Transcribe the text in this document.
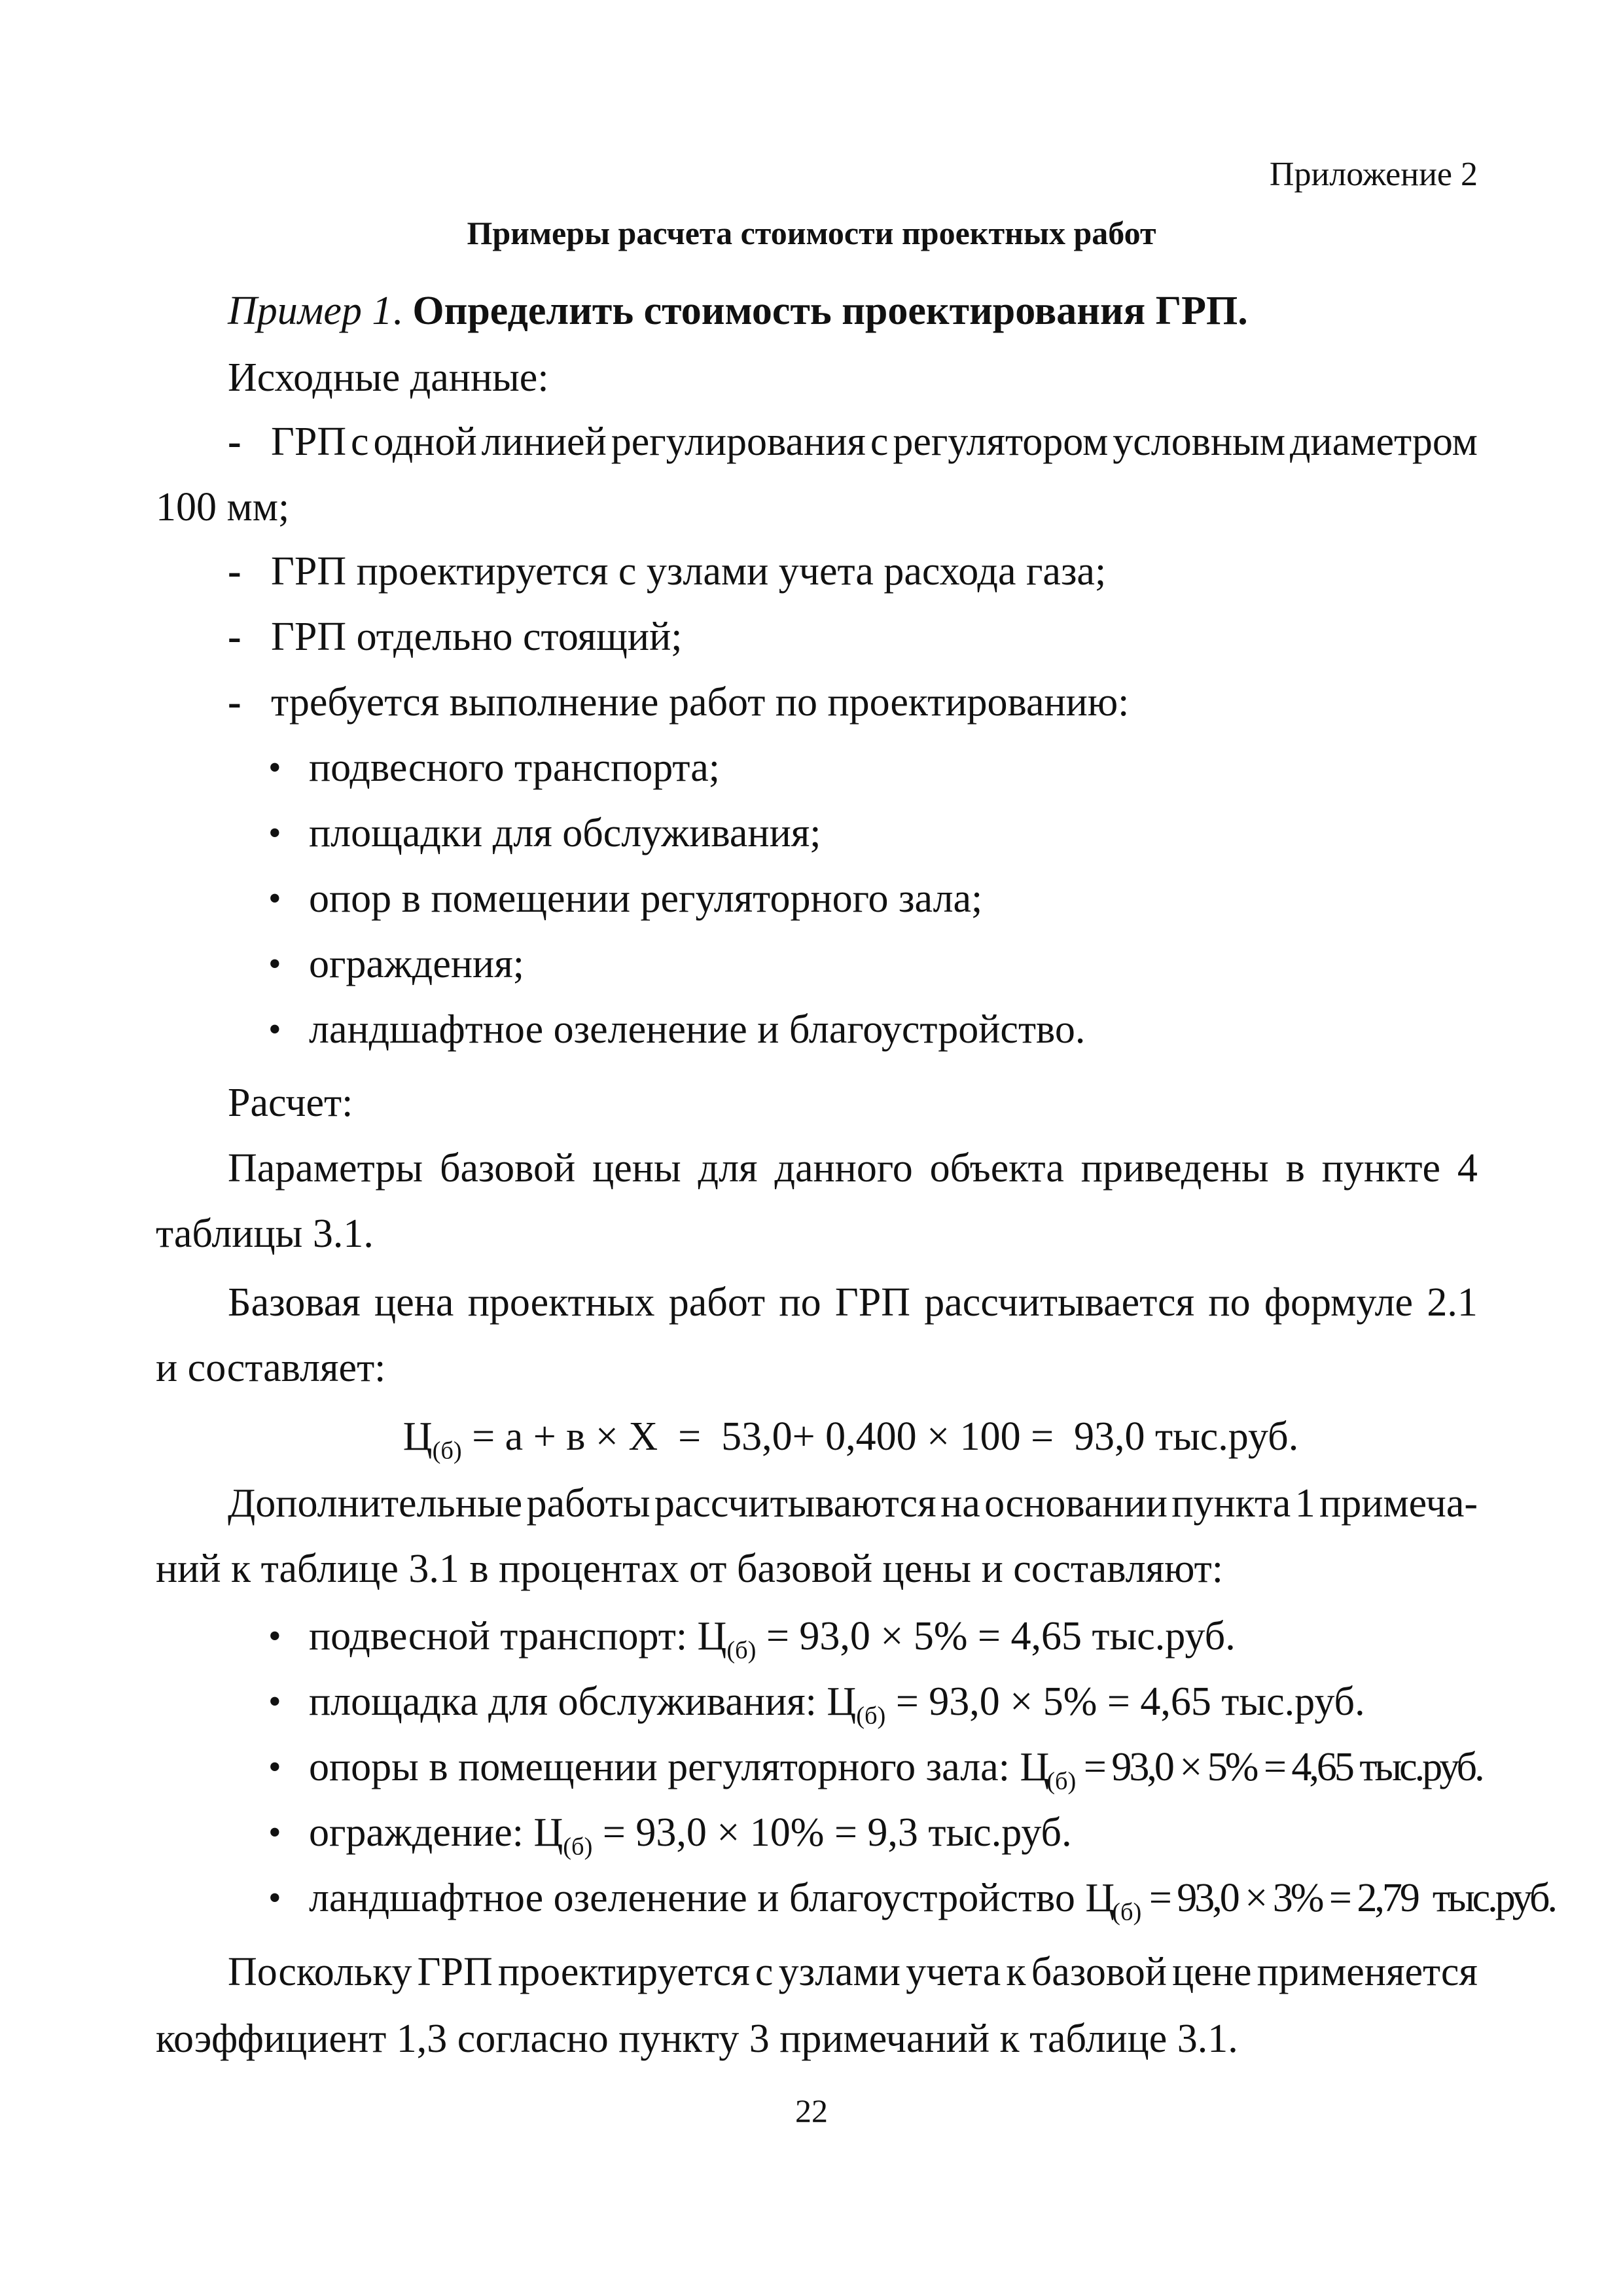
Приложение 2
Примеры расчета стоимости проектных работ
Пример 1. Определить стоимость проектирования ГРП.
Исходные данные:
- ГРП с одной линией регулирования с регулятором условным диаметром
100 мм;
- ГРП проектируется с узлами учета расхода газа;
- ГРП отдельно стоящий;
- требуется выполнение работ по проектированию:
• подвесного транспорта;
• площадки для обслуживания;
• опор в помещении регуляторного зала;
• ограждения;
• ландшафтное озеленение и благоустройство.
Расчет:
Параметры базовой цены для данного объекта приведены в пункте 4
таблицы 3.1.
Базовая цена проектных работ по ГРП рассчитывается по формуле 2.1
и составляет:
$Ц_{(б)} = а + в \times Х = 53,0+ 0,400 \times 100 = 93,0$ тыс.руб.
Дополнительные работы рассчитываются на основании пункта 1 примеча-
ний к таблице 3.1 в процентах от базовой цены и составляют:
• подвесной транспорт: $Ц_{(б)} = 93,0 \times 5\% = 4,65$ тыс.руб.
• площадка для обслуживания: $Ц_{(б)} = 93,0 \times 5\% = 4,65$ тыс.руб.
• опоры в помещении регуляторного зала: $Ц_{(б)} = 93,0 \times 5\% = 4,65$ тыс.руб.
• ограждение: $Ц_{(б)} = 93,0 \times 10\% = 9,3$ тыс.руб.
• ландшафтное озеленение и благоустройство $Ц_{(б)} = 93,0 \times 3\% = 2,79$  тыс.руб.
Поскольку ГРП проектируется с узлами учета к базовой цене применяется
коэффициент 1,3 согласно пункту 3 примечаний к таблице 3.1.
22
